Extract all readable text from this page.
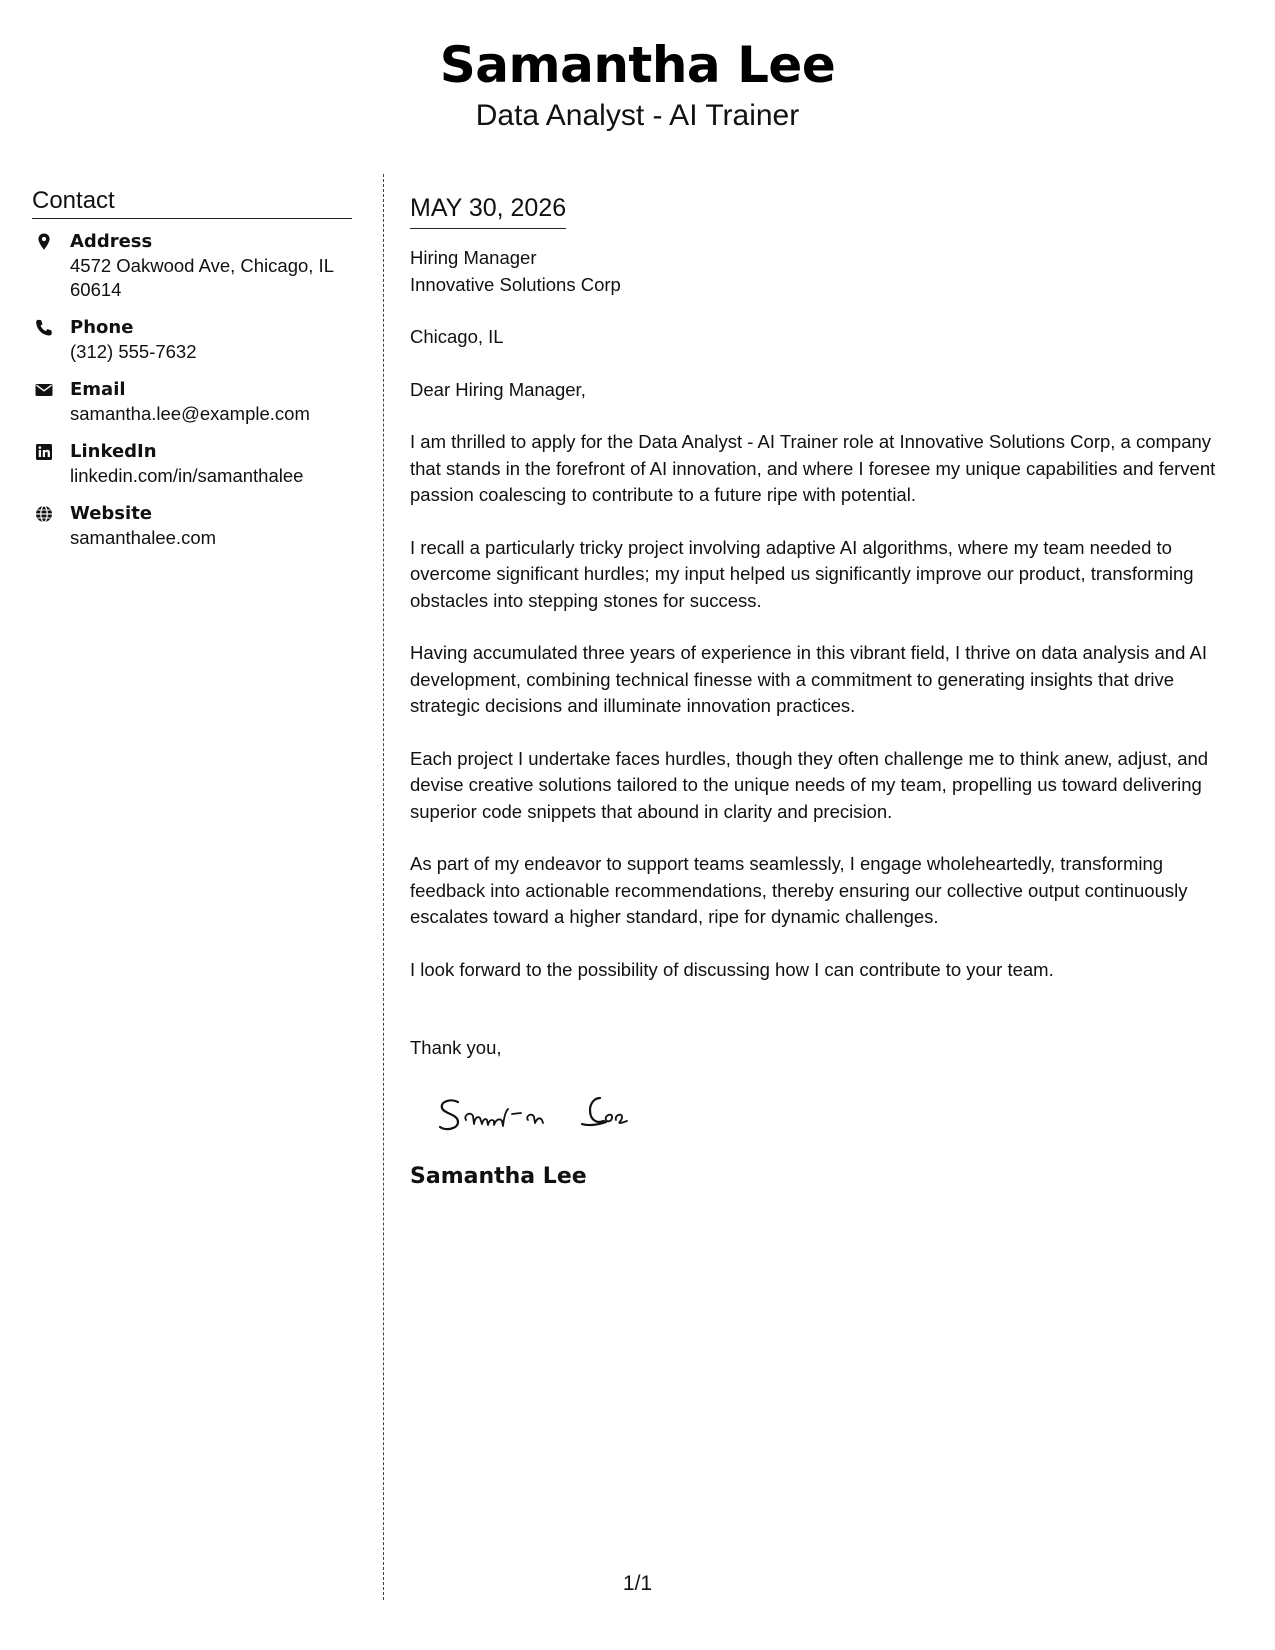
Samantha Lee
Data Analyst - AI Trainer
Contact
Address
4572 Oakwood Ave, Chicago, IL 60614
Phone
(312) 555-7632
Email
samantha.lee@example.com
LinkedIn
linkedin.com/in/samanthalee
Website
samanthalee.com
MAY 30, 2026
Hiring Manager
Innovative Solutions Corp
Chicago, IL
Dear Hiring Manager,

I am thrilled to apply for the Data Analyst - AI Trainer role at Innovative Solutions Corp, a company that stands in the forefront of AI innovation, and where I foresee my unique capabilities and fervent passion coalescing to contribute to a future ripe with potential.

I recall a particularly tricky project involving adaptive AI algorithms, where my team needed to overcome significant hurdles; my input helped us significantly improve our product, transforming obstacles into stepping stones for success.

Having accumulated three years of experience in this vibrant field, I thrive on data analysis and AI development, combining technical finesse with a commitment to generating insights that drive strategic decisions and illuminate innovation practices.

Each project I undertake faces hurdles, though they often challenge me to think anew, adjust, and devise creative solutions tailored to the unique needs of my team, propelling us toward delivering superior code snippets that abound in clarity and precision.

As part of my endeavor to support teams seamlessly, I engage wholeheartedly, transforming feedback into actionable recommendations, thereby ensuring our collective output continuously escalates toward a higher standard, ripe for dynamic challenges.

I look forward to the possibility of discussing how I can contribute to your team.

Thank you,
Samantha Lee
1/1
